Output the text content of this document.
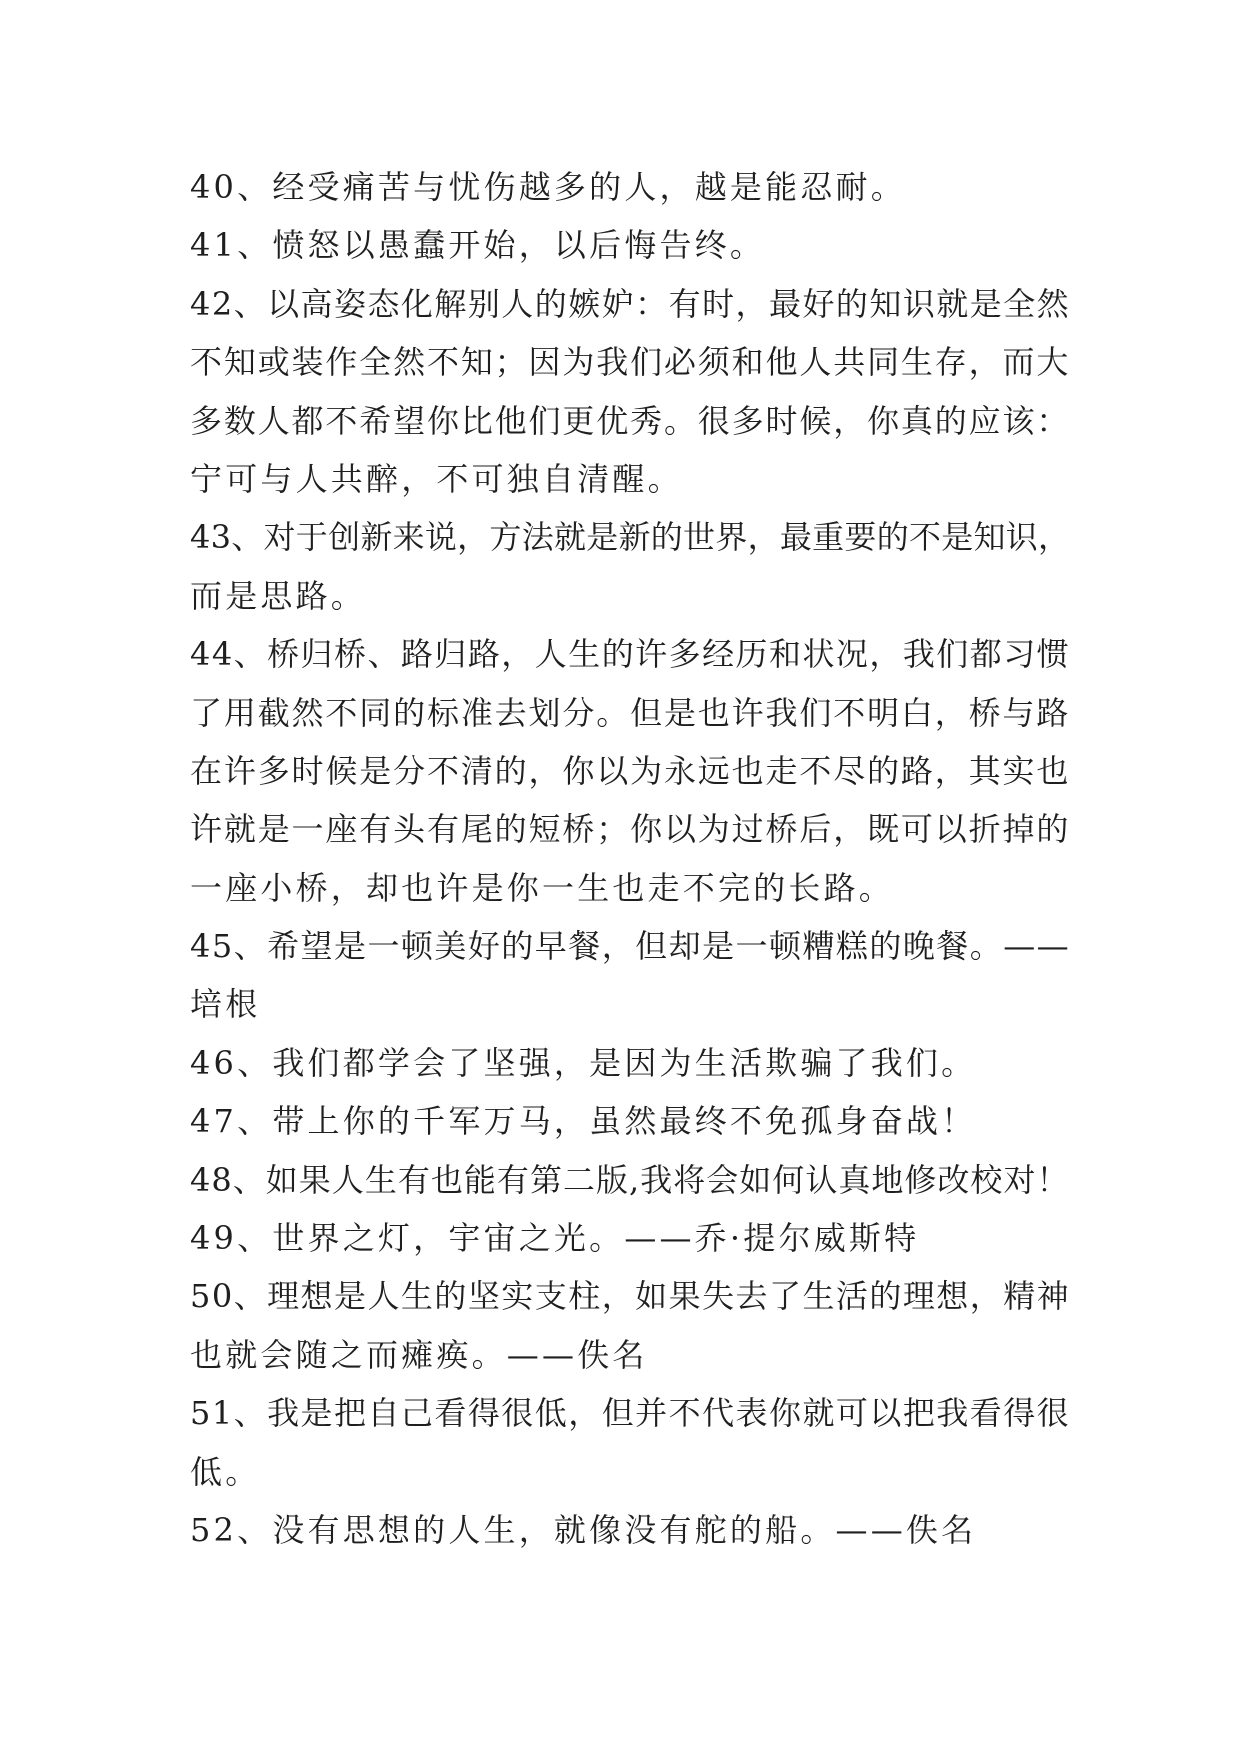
40、经受痛苦与忧伤越多的人，越是能忍耐。
41、愤怒以愚蠢开始，以后悔告终。
42、以高姿态化解别人的嫉妒：有时，最好的知识就是全然
不知或装作全然不知；因为我们必须和他人共同生存，而大
多数人都不希望你比他们更优秀。很多时候，你真的应该：
宁可与人共醉，不可独自清醒。
43、对于创新来说，方法就是新的世界，最重要的不是知识，
而是思路。
44、桥归桥、路归路，人生的许多经历和状况，我们都习惯
了用截然不同的标准去划分。但是也许我们不明白，桥与路
在许多时候是分不清的，你以为永远也走不尽的路，其实也
许就是一座有头有尾的短桥；你以为过桥后，既可以折掉的
一座小桥，却也许是你一生也走不完的长路。
45、希望是一顿美好的早餐，但却是一顿糟糕的晚餐。——
培根
46、我们都学会了坚强，是因为生活欺骗了我们。
47、带上你的千军万马，虽然最终不免孤身奋战！
48、如果人生有也能有第二版,我将会如何认真地修改校对！
49、世界之灯，宇宙之光。——乔·提尔威斯特
50、理想是人生的坚实支柱，如果失去了生活的理想，精神
也就会随之而瘫痪。——佚名
51、我是把自己看得很低，但并不代表你就可以把我看得很
低。
52、没有思想的人生，就像没有舵的船。——佚名
